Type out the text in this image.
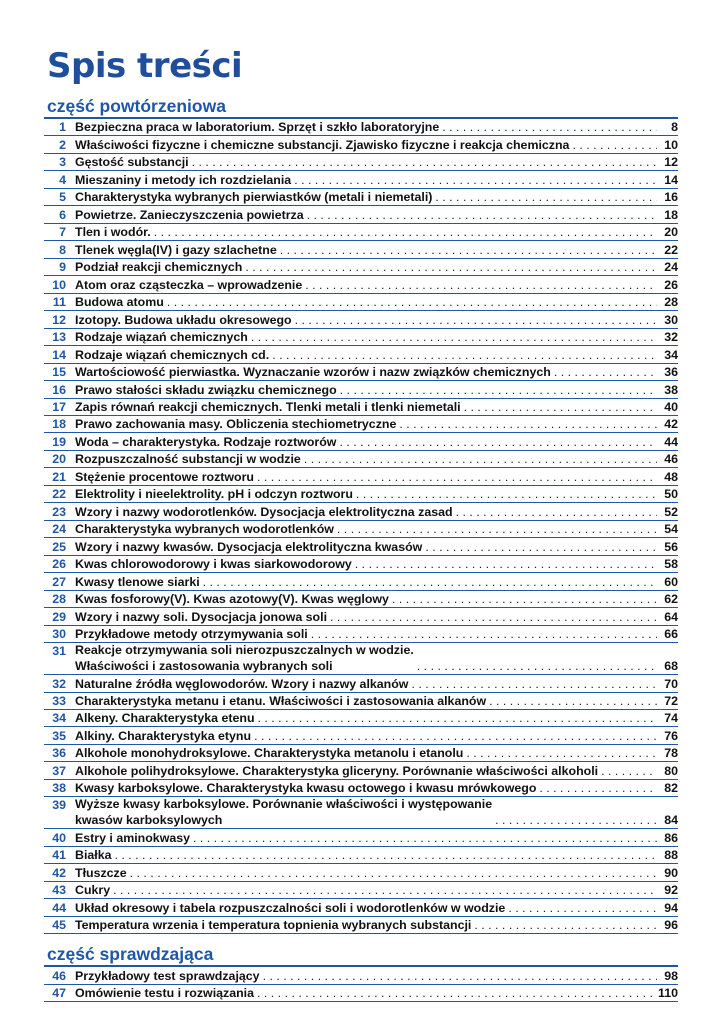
Spis treści
część powtórzeniowa
1 Bezpieczna praca w laboratorium. Sprzęt i szkło laboratoryjne . . .	8
2 Właściwości fizyczne i chemiczne substancji. Zjawisko fizyczne i reakcja chemiczna . . .	10
3 Gęstość substancji . . .	12
4 Mieszaniny i metody ich rozdzielania . . .	14
5 Charakterystyka wybranych pierwiastków (metali i niemetali) . . .	16
6 Powietrze. Zanieczyszczenia powietrza . . .	18
7 Tlen i wodór. . . .	20
8 Tlenek węgla(IV) i gazy szlachetne . . .	22
9 Podział reakcji chemicznych . . .	24
10 Atom oraz cząsteczka – wprowadzenie . . .	26
11 Budowa atomu . . .	28
12 Izotopy. Budowa układu okresowego . . .	30
13 Rodzaje wiązań chemicznych . . .	32
14 Rodzaje wiązań chemicznych cd. . . .	34
15 Wartościowość pierwiastka. Wyznaczanie wzorów i nazw związków chemicznych . . .	36
16 Prawo stałości składu związku chemicznego . . .	38
17 Zapis równań reakcji chemicznych. Tlenki metali i tlenki niemetali . . .	40
18 Prawo zachowania masy. Obliczenia stechiometryczne . . .	42
19 Woda – charakterystyka. Rodzaje roztworów . . .	44
20 Rozpuszczalność substancji w wodzie . . .	46
21 Stężenie procentowe roztworu . . .	48
22 Elektrolity i nieelektrolity. pH i odczyn roztworu . . .	50
23 Wzory i nazwy wodorotlenków. Dysocjacja elektrolityczna zasad . . .	52
24 Charakterystyka wybranych wodorotlenków . . .	54
25 Wzory i nazwy kwasów. Dysocjacja elektrolityczna kwasów . . .	56
26 Kwas chlorowodorowy i kwas siarkowodorowy . . .	58
27 Kwasy tlenowe siarki . . .	60
28 Kwas fosforowy(V). Kwas azotowy(V). Kwas węglowy . . .	62
29 Wzory i nazwy soli. Dysocjacja jonowa soli . . .	64
30 Przykładowe metody otrzymywania soli . . .	66
31 Reakcje otrzymywania soli nierozpuszczalnych w wodzie.
Właściwości i zastosowania wybranych soli . . .	68
32 Naturalne źródła węglowodorów. Wzory i nazwy alkanów . . .	70
33 Charakterystyka metanu i etanu. Właściwości i zastosowania alkanów . . .	72
34 Alkeny. Charakterystyka etenu . . .	74
35 Alkiny. Charakterystyka etynu . . .	76
36 Alkohole monohydroksylowe. Charakterystyka metanolu i etanolu . . .	78
37 Alkohole polihydroksylowe. Charakterystyka gliceryny. Porównanie właściwości alkoholi . . .	80
38 Kwasy karboksylowe. Charakterystyka kwasu octowego i kwasu mrówkowego . . .	82
39 Wyższe kwasy karboksylowe. Porównanie właściwości i występowanie
kwasów karboksylowych . . .	84
40 Estry i aminokwasy . . .	86
41 Białka . . .	88
42 Tłuszcze . . .	90
43 Cukry . . .	92
44 Układ okresowy i tabela rozpuszczalności soli i wodorotlenków w wodzie . . .	94
45 Temperatura wrzenia i temperatura topnienia wybranych substancji . . .	96
część sprawdzająca
46 Przykładowy test sprawdzający . . .	98
47 Omówienie testu i rozwiązania . . .	110
